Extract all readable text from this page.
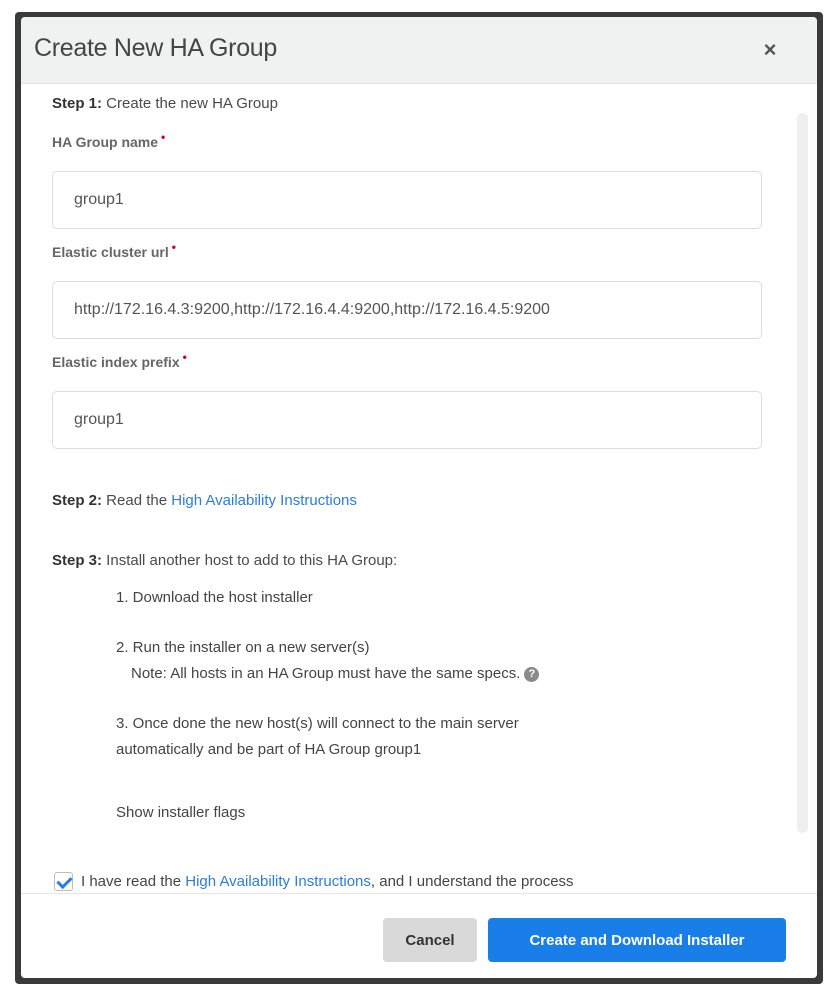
Create New HA Group	×
Step 1: Create the new HA Group
HA Group name •
group1
Elastic cluster url •
http://172.16.4.3:9200,http://172.16.4.4:9200,http://172.16.4.5:9200
Elastic index prefix •
group1
Step 2: Read the High Availability Instructions
Step 3: Install another host to add to this HA Group:
1. Download the host installer
2. Run the installer on a new server(s)
Note: All hosts in an HA Group must have the same specs. ?
3. Once done the new host(s) will connect to the main server
automatically and be part of HA Group group1
Show installer flags
I have read the High Availability Instructions , and I understand the process
Cancel	Create and Download Installer
